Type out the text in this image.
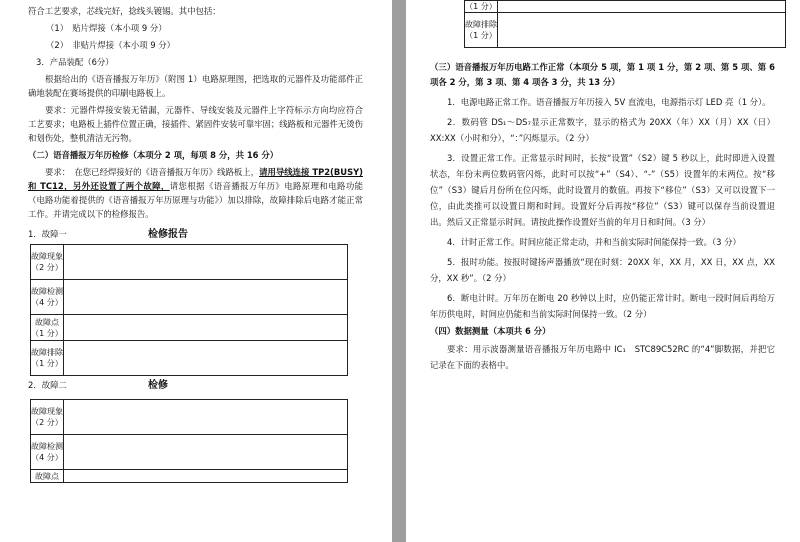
符合工艺要求，芯线完好，捻线头镀锡。其中包括：

（1）　贴片焊接（本小项 9 分）

（2）　非贴片焊接（本小项 9 分）

3．产品装配（6分）

根据给出的《语音播报万年历》（附图 1）电路原理图，把选取的元器件及功能部件正确地装配在赛场提供的印刷电路板上。

要求：元器件焊接安装无错漏，元器件、导线安装及元器件上字符标示方向均应符合工艺要求；电路板上插件位置正确，接插件、紧固件安装可靠牢固；线路板和元器件无烫伤和划伤处，整机清洁无污物。

（二）语音播报万年历检修（本项分 2 项，每项 8 分，共 16 分）

要求：　在您已经焊接好的《语音播报万年历》线路板上，请用导线连接 TP2(BUSY)和 TC12，另外还设置了两个故障，请您根据《语音播报万年历》电路原理和电路功能（电路功能着提供的《语音播报万年历原理与功能》）加以排除，故障排除后电路才能正常工作。并请完成以下的检修报告。

1．故障一	检修报告
故障现象（2 分）	
故障检测（4 分）	
故障点（1 分）	
故障排除（1 分）	
2．故障二	检修
故障现象（2 分）	
故障检测（4 分）	
故障点	
（1 分）	
故障排除（1 分）	

（三）语音播报万年历电路工作正常（本项分 5 项，第 1 项 1 分，第 2 项、第 5 项、第 6 项各 2 分，第 3 项、第 4 项各 3 分，共 13 分）

1．电源电路正常工作。语音播报万年历接入 5V 直流电，电源指示灯 LED 亮（1 分）。

2．数码管 DS₁～DS₇显示正常数字，显示的格式为 20XX（年）XX（月）XX（日）XX:XX（小时和分），“：”闪烁显示。（2 分）

3．设置正常工作。正常显示时间时，长按“设置”（S2）键 5 秒以上，此时即进入设置状态，年份末两位数码管闪烁，此时可以按“+”（S4）、“-”（S5）设置年的末两位。按“移位”（S3）键后月份所在位闪烁，此时设置月的数值。再按下“移位”（S3）又可以设置下一位，由此类推可以设置日期和时间。设置好分后再按“移位”（S3）键可以保存当前设置退出。然后又正常显示时间。请按此操作设置好当前的年月日和时间。（3 分）

4．计时正常工作。时间应能正常走动，并和当前实际时间能保持一致。（3 分）

5．报时功能。按报时键扬声器播放“现在时刻：20XX 年，XX 月，XX 日，XX 点，XX 分，XX 秒”。（2 分）

6．断电计时。万年历在断电 20 秒钟以上时，应仍能正常计时。断电一段时间后再给万年历供电时，时间应仍能和当前实际时间保持一致。（2 分）

（四）数据测量（本项共 6 分）

要求：用示波器测量语音播报万年历电路中 IC₁　STC89C52RC 的“4”脚数据，并把它记录在下面的表格中。
